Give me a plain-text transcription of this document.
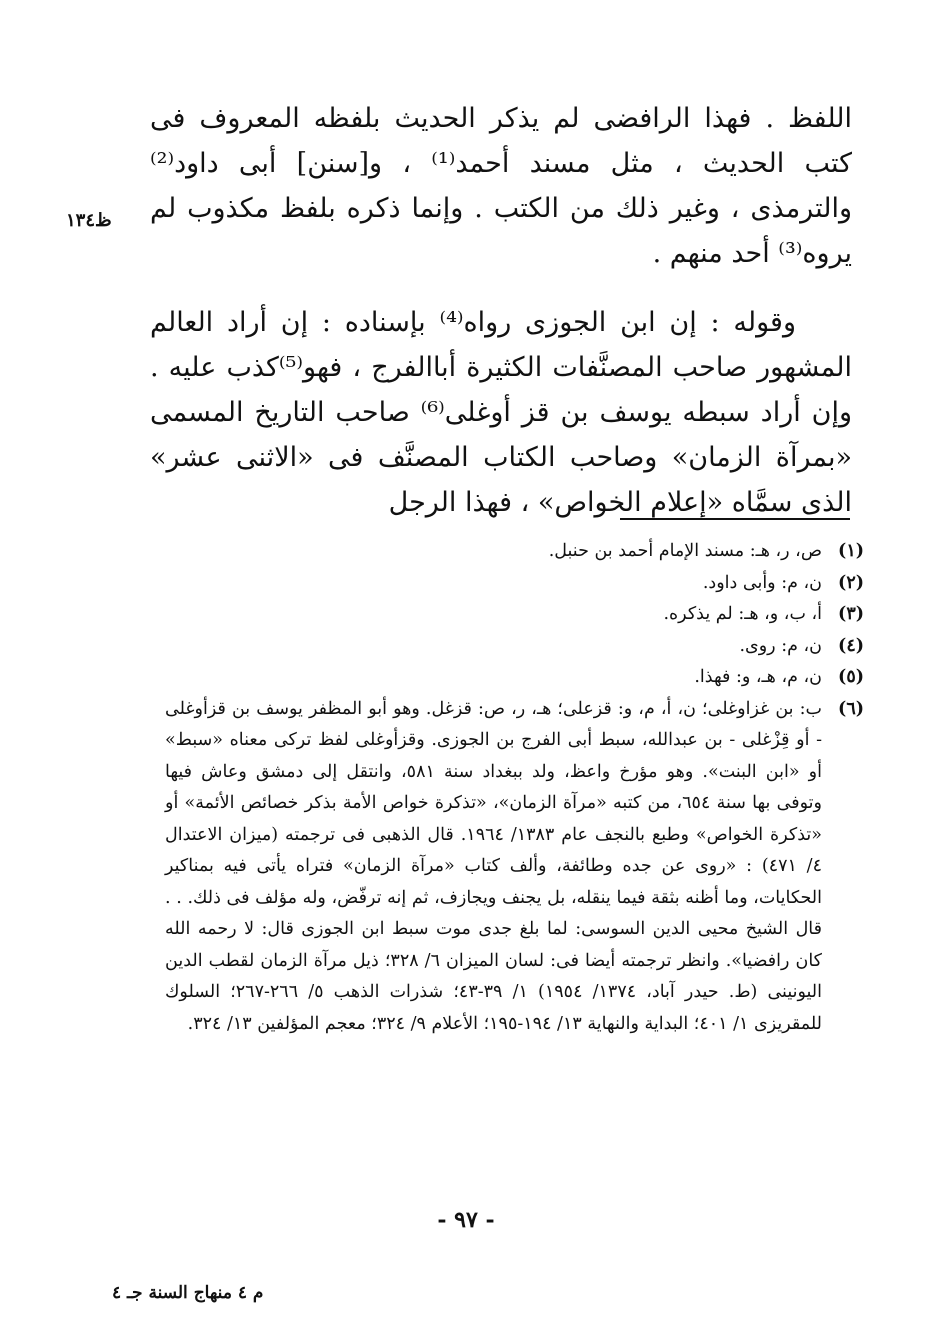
ظ١٣٤

اللفظ . فهذا الرافضى لم يذكر الحديث بلفظه المعروف فى كتب الحديث ، مثل مسند أحمد⁽¹⁾ ، و[سنن] أبى داود⁽²⁾ والترمذى ، وغير ذلك من الكتب . وإنما ذكره بلفظ مكذوب لم يروه⁽³⁾ أحد منهم .

وقوله : إن ابن الجوزى رواه⁽⁴⁾ بإسناده : إن أراد العالم المشهور صاحب المصنَّفات الكثيرة أباالفرج ، فهو⁽⁵⁾كذب عليه . وإن أراد سبطه يوسف بن قز أوغلى⁽⁶⁾ صاحب التاريخ المسمى «بمرآة الزمان» وصاحب الكتاب المصنَّف فى «الاثنى عشر» الذى سمَّاه «إعلام الخواص» ، فهذا الرجل

(١)
ص، ر، هـ: مسند الإمام أحمد بن حنبل.
(٢)
ن، م: وأبى داود.
(٣)
أ، ب، و، هـ: لم يذكره.
(٤)
ن، م: روى.
(٥)
ن، م، هـ، و: فهذا.
(٦)
ب: بن غزاوغلى؛ ن، أ، م، و: قزعلى؛ هـ، ر، ص: قزغل. وهو أبو المظفر يوسف بن قزأوغلى - أو قِزْغلى - بن عبدالله، سبط أبى الفرج بن الجوزى. وقزأوغلى لفظ تركى معناه «سبط» أو «ابن البنت». وهو مؤرخ واعظ، ولد ببغداد سنة ٥٨١، وانتقل إلى دمشق وعاش فيها وتوفى بها سنة ٦٥٤، من كتبه «مرآة الزمان»، «تذكرة خواص الأمة بذكر خصائص الأئمة» أو «تذكرة الخواص» وطبع بالنجف عام ١٣٨٣/ ١٩٦٤. قال الذهبى فى ترجمته (ميزان الاعتدال ٤/ ٤٧١) : «روى عن جده وطائفة، وألف كتاب «مرآة الزمان» فتراه يأتى فيه بمناكير الحكايات، وما أظنه بثقة فيما ينقله، بل يجنف ويجازف، ثم إنه ترفّض، وله مؤلف فى ذلك. . . قال الشيخ محيى الدين السوسى: لما بلغ جدى موت سبط ابن الجوزى قال: لا رحمه الله كان رافضيا». وانظر ترجمته أيضا فى: لسان الميزان ٦/ ٣٢٨؛ ذيل مرآة الزمان لقطب الدين اليونينى (ط. حيدر آباد، ١٣٧٤/ ١٩٥٤) ١/ ٣٩-٤٣؛ شذرات الذهب ٥/ ٢٦٦-٢٦٧؛ السلوك للمقريزى ١/ ٤٠١؛ البداية والنهاية ١٣/ ١٩٤-١٩٥؛ الأعلام ٩/ ٣٢٤؛ معجم المؤلفين ١٣/ ٣٢٤.
- ٩٧ -
م ٤ منهاج السنة جـ ٤
